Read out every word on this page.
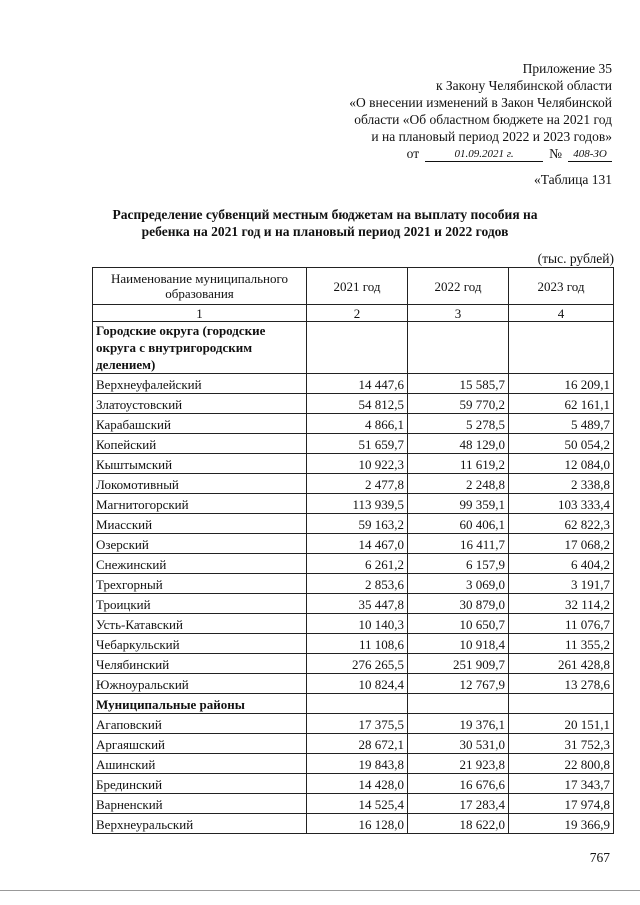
Приложение 35
к Закону Челябинской области
«О внесении изменений в Закон Челябинской
области «Об областном бюджете на 2021 год
и на плановый период 2022 и 2023 годов»
от	01.09.2021 г.	№	408-ЗО
«Таблица 131
Распределение субвенций местным бюджетам на выплату пособия на ребенка на 2021 год и на плановый период 2021 и 2022 годов
(тыс. рублей)
Наименование муниципального образования	2021 год	2022 год	2023 год
1	2	3	4
Городские округа (городские округа с внутригородским делением)			
Верхнеуфалейский	14 447,6	15 585,7	16 209,1
Златоустовский	54 812,5	59 770,2	62 161,1
Карабашский	4 866,1	5 278,5	5 489,7
Копейский	51 659,7	48 129,0	50 054,2
Кыштымский	10 922,3	11 619,2	12 084,0
Локомотивный	2 477,8	2 248,8	2 338,8
Магнитогорский	113 939,5	99 359,1	103 333,4
Миасский	59 163,2	60 406,1	62 822,3
Озерский	14 467,0	16 411,7	17 068,2
Снежинский	6 261,2	6 157,9	6 404,2
Трехгорный	2 853,6	3 069,0	3 191,7
Троицкий	35 447,8	30 879,0	32 114,2
Усть-Катавский	10 140,3	10 650,7	11 076,7
Чебаркульский	11 108,6	10 918,4	11 355,2
Челябинский	276 265,5	251 909,7	261 428,8
Южноуральский	10 824,4	12 767,9	13 278,6
Муниципальные районы			
Агаповский	17 375,5	19 376,1	20 151,1
Аргаяшский	28 672,1	30 531,0	31 752,3
Ашинский	19 843,8	21 923,8	22 800,8
Брединский	14 428,0	16 676,6	17 343,7
Варненский	14 525,4	17 283,4	17 974,8
Верхнеуральский	16 128,0	18 622,0	19 366,9
767
